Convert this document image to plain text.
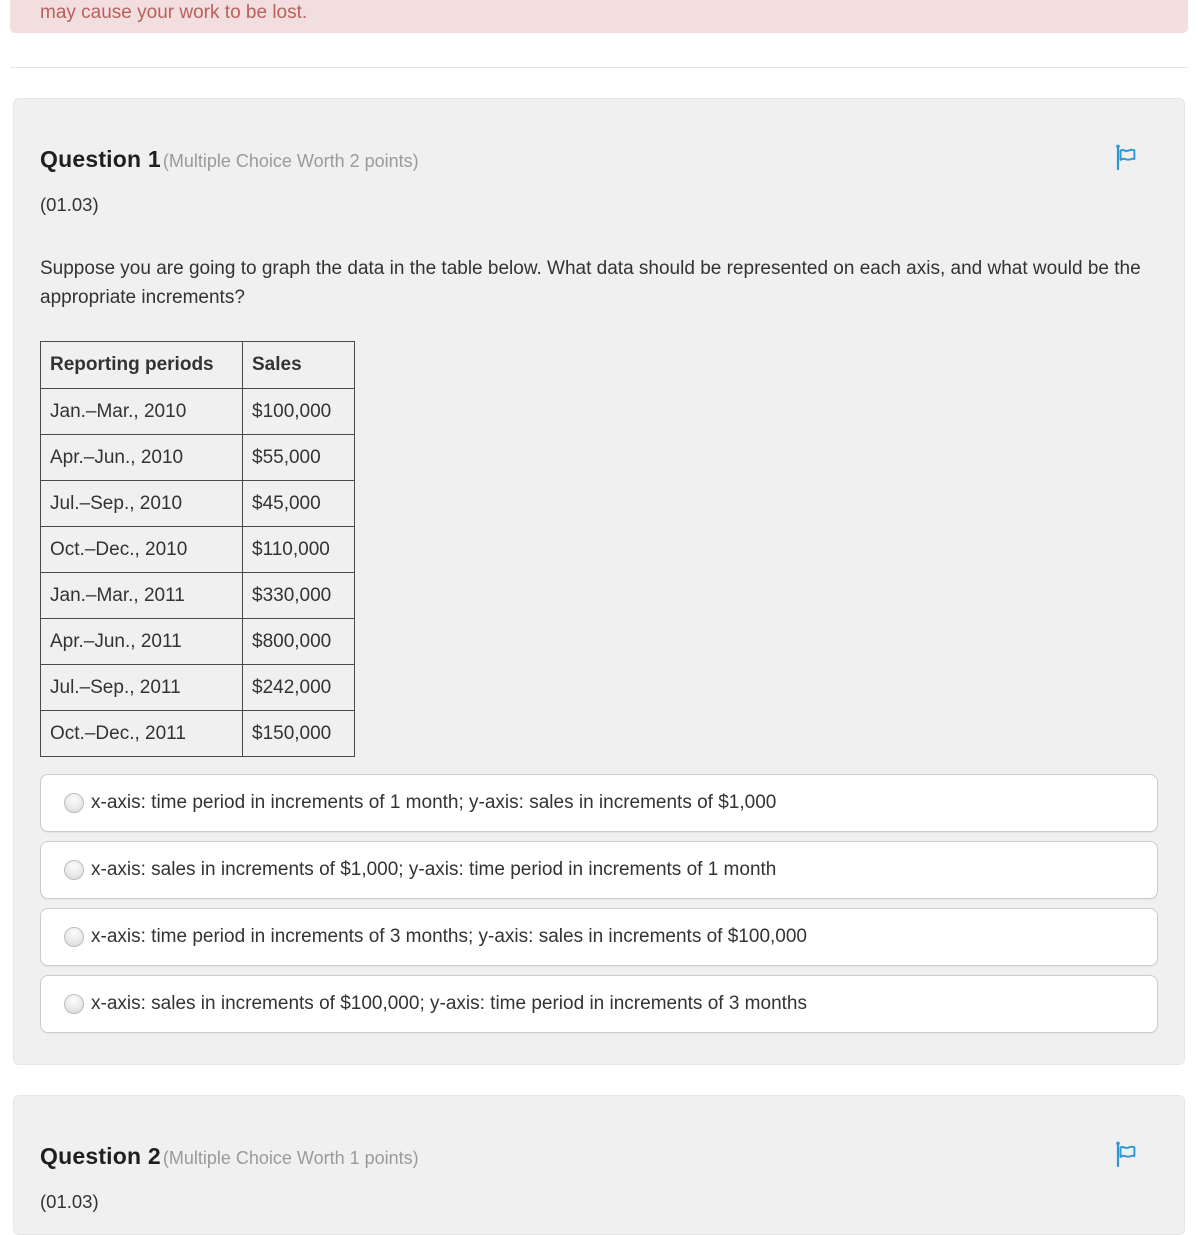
may cause your work to be lost.
Question 1 (Multiple Choice Worth 2 points)
(01.03)

Suppose you are going to graph the data in the table below. What data should be represented on each axis, and what would be the appropriate increments?

Reporting periods	Sales
Jan.–Mar., 2010	$100,000
Apr.–Jun., 2010	$55,000
Jul.–Sep., 2010	$45,000
Oct.–Dec., 2010	$110,000
Jan.–Mar., 2011	$330,000
Apr.–Jun., 2011	$800,000
Jul.–Sep., 2011	$242,000
Oct.–Dec., 2011	$150,000
x-axis: time period in increments of 1 month; y-axis: sales in increments of $1,000
x-axis: sales in increments of $1,000; y-axis: time period in increments of 1 month
x-axis: time period in increments of 3 months; y-axis: sales in increments of $100,000
x-axis: sales in increments of $100,000; y-axis: time period in increments of 3 months
Question 2 (Multiple Choice Worth 1 points)
(01.03)
